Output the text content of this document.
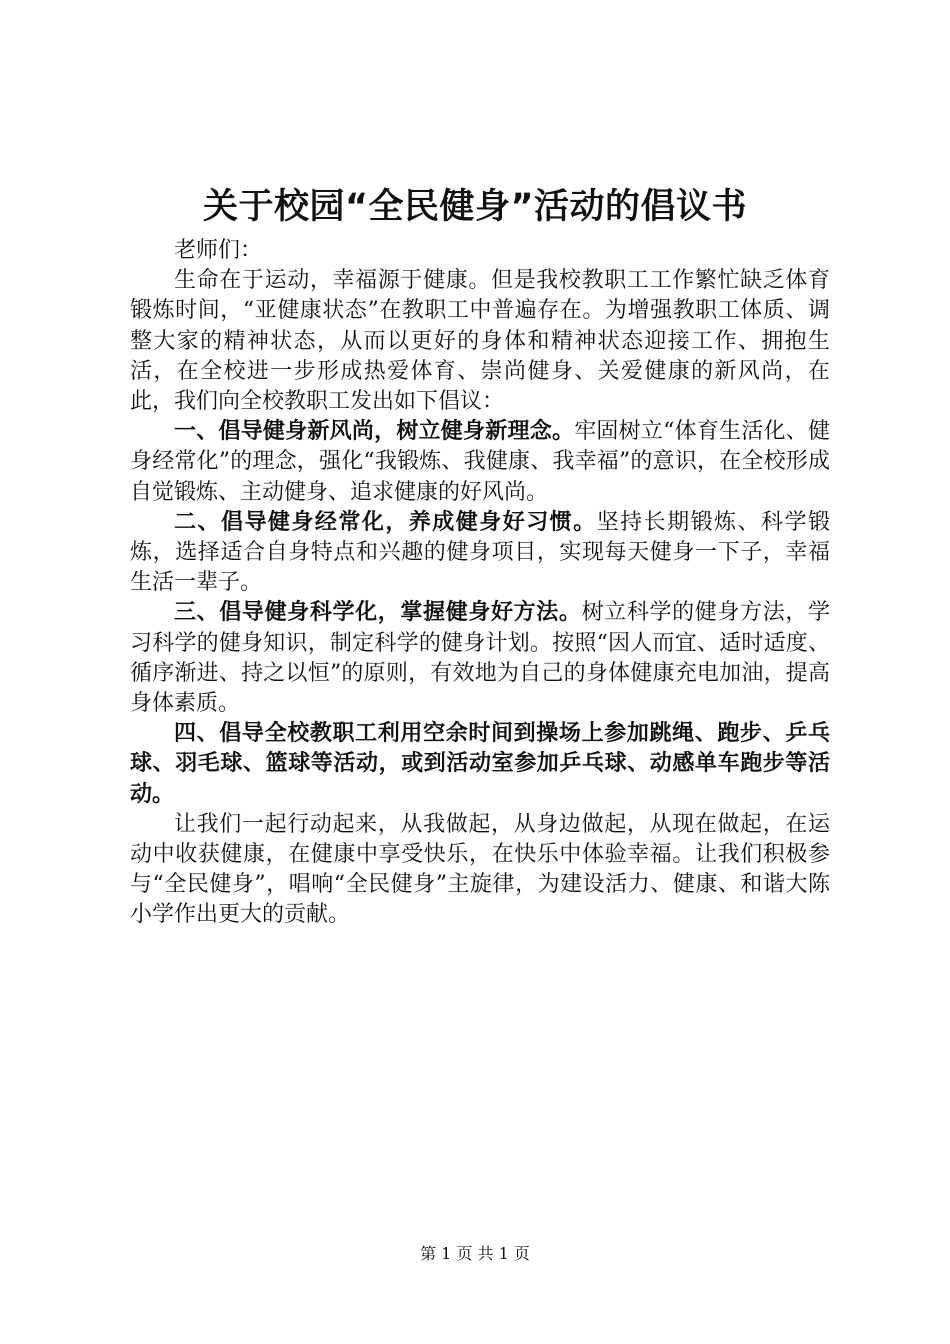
关于校园“全民健身”活动的倡议书

老师们：

生命在于运动，幸福源于健康。但是我校教职工工作繁忙缺乏体育锻炼时间，“亚健康状态”在教职工中普遍存在。为增强教职工体质、调整大家的精神状态，从而以更好的身体和精神状态迎接工作、拥抱生活，在全校进一步形成热爱体育、崇尚健身、关爱健康的新风尚，在此，我们向全校教职工发出如下倡议：

一、倡导健身新风尚，树立健身新理念。牢固树立“体育生活化、健身经常化”的理念，强化“我锻炼、我健康、我幸福”的意识，在全校形成自觉锻炼、主动健身、追求健康的好风尚。

二、倡导健身经常化，养成健身好习惯。坚持长期锻炼、科学锻炼，选择适合自身特点和兴趣的健身项目，实现每天健身一下子，幸福生活一辈子。

三、倡导健身科学化，掌握健身好方法。树立科学的健身方法，学习科学的健身知识，制定科学的健身计划。按照“因人而宜、适时适度、循序渐进、持之以恒”的原则，有效地为自己的身体健康充电加油，提高身体素质。

四、倡导全校教职工利用空余时间到操场上参加跳绳、跑步、乒乓球、羽毛球、篮球等活动，或到活动室参加乒乓球、动感单车跑步等活动。

让我们一起行动起来，从我做起，从身边做起，从现在做起，在运动中收获健康，在健康中享受快乐，在快乐中体验幸福。让我们积极参与“全民健身”，唱响“全民健身”主旋律，为建设活力、健康、和谐大陈小学作出更大的贡献。

第 1 页 共 1 页
